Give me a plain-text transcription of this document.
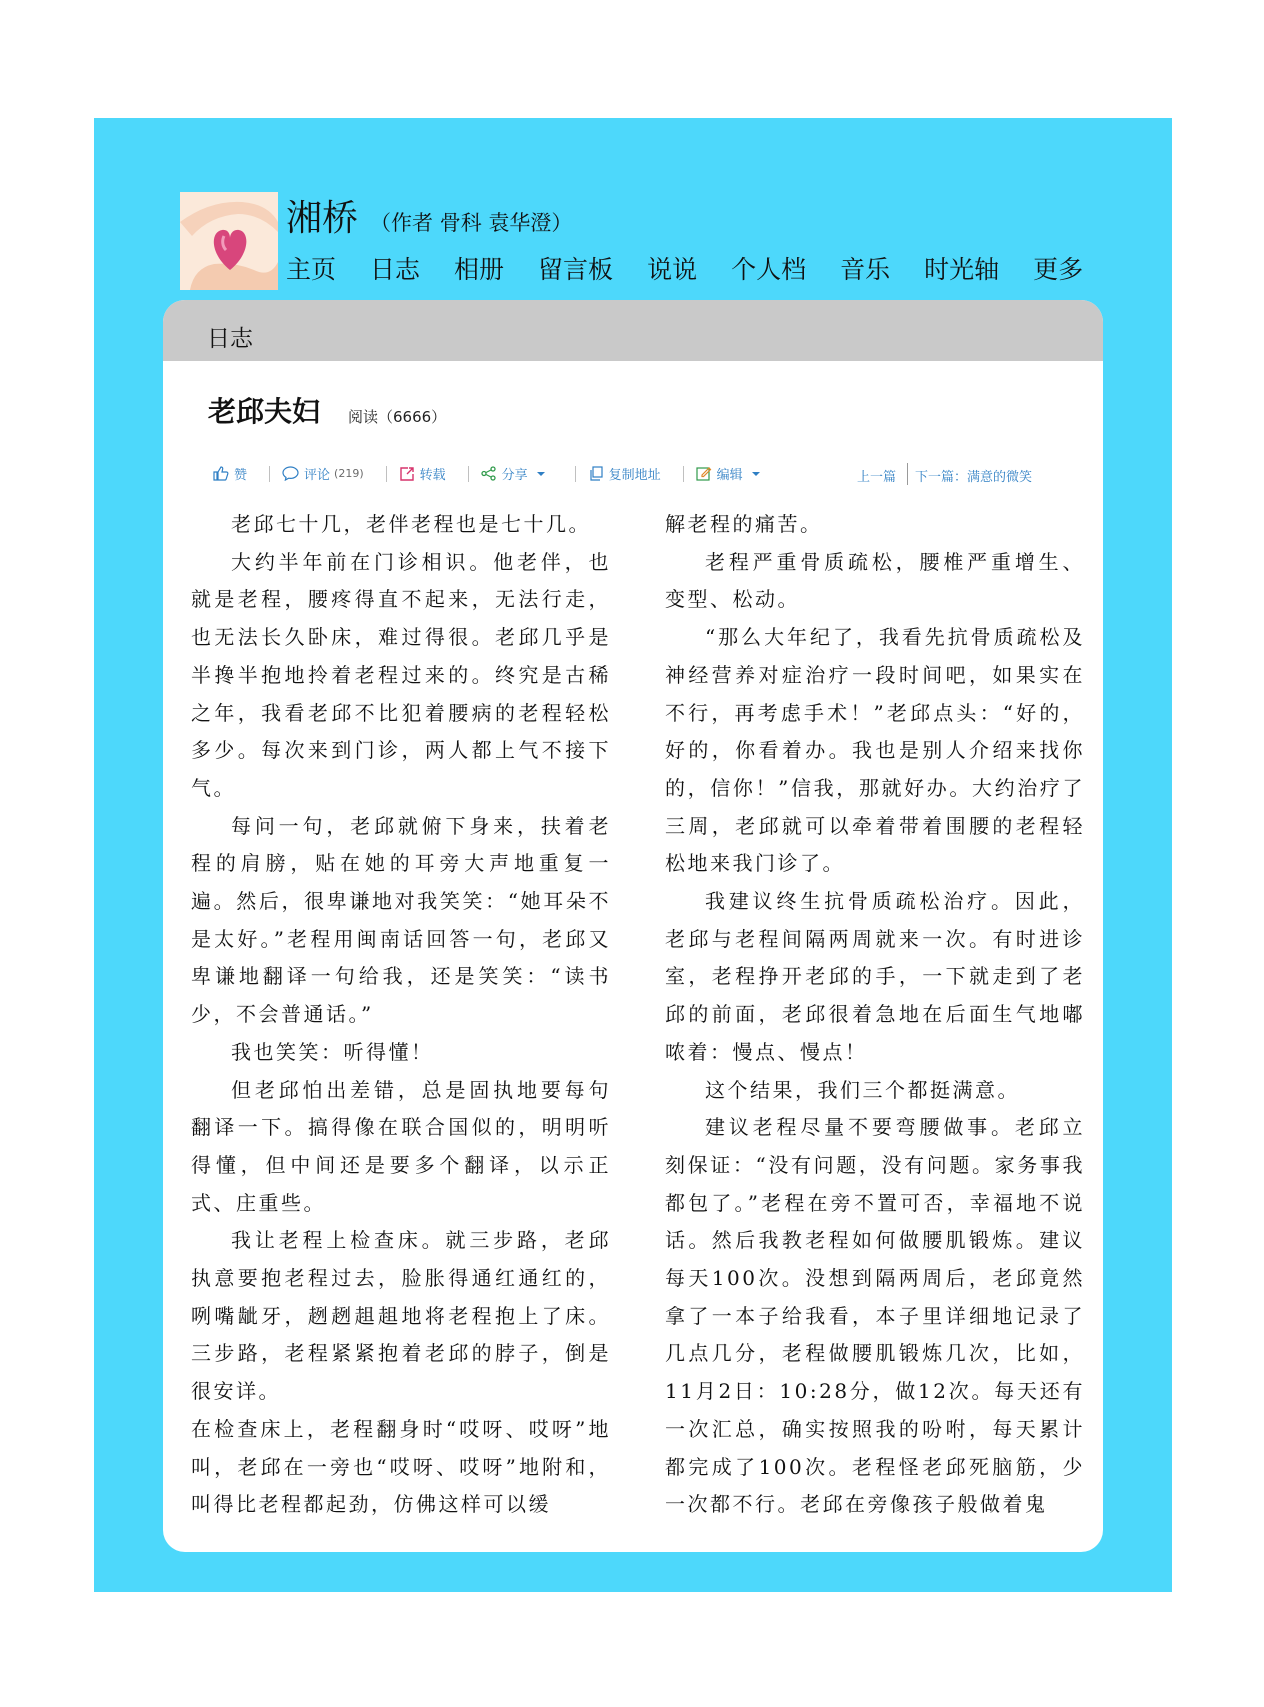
湘桥 （作者 骨科 袁华澄）
主页 日志 相册 留言板 说说 个人档 音乐 时光轴 更多
日志
老邱夫妇 阅读（6666）
赞	评论 (219)	转载	分享	复制地址	编辑	上一篇 下一篇：满意的微笑

老邱七十几，老伴老程也是七十几。

大约半年前在门诊相识。他老伴，也就是老程，腰疼得直不起来，无法行走，也无法长久卧床，难过得很。老邱几乎是半搀半抱地拎着老程过来的。终究是古稀之年，我看老邱不比犯着腰病的老程轻松多少。每次来到门诊，两人都上气不接下气。

每问一句，老邱就俯下身来，扶着老程的肩膀，贴在她的耳旁大声地重复一遍。然后，很卑谦地对我笑笑：“她耳朵不是太好。”老程用闽南话回答一句，老邱又卑谦地翻译一句给我，还是笑笑：“读书少，不会普通话。”

我也笑笑：听得懂！

但老邱怕出差错，总是固执地要每句翻译一下。搞得像在联合国似的，明明听得懂，但中间还是要多个翻译，以示正式、庄重些。

我让老程上检查床。就三步路，老邱执意要抱老程过去，脸胀得通红通红的，咧嘴龇牙，趔趔趄趄地将老程抱上了床。三步路，老程紧紧抱着老邱的脖子，倒是很安详。

在检查床上，老程翻身时“哎呀、哎呀”地叫，老邱在一旁也“哎呀、哎呀”地附和，叫得比老程都起劲，仿佛这样可以缓

解老程的痛苦。

老程严重骨质疏松，腰椎严重增生、变型、松动。

“那么大年纪了，我看先抗骨质疏松及神经营养对症治疗一段时间吧，如果实在不行，再考虑手术！”老邱点头：“好的，好的，你看着办。我也是别人介绍来找你的，信你！”信我，那就好办。大约治疗了三周，老邱就可以牵着带着围腰的老程轻松地来我门诊了。

我建议终生抗骨质疏松治疗。因此，老邱与老程间隔两周就来一次。有时进诊室，老程挣开老邱的手，一下就走到了老邱的前面，老邱很着急地在后面生气地嘟哝着：慢点、慢点！

这个结果，我们三个都挺满意。

建议老程尽量不要弯腰做事。老邱立刻保证：“没有问题，没有问题。家务事我都包了。”老程在旁不置可否，幸福地不说话。然后我教老程如何做腰肌锻炼。建议每天100次。没想到隔两周后，老邱竟然拿了一本子给我看，本子里详细地记录了几点几分，老程做腰肌锻炼几次，比如，11月2日：10:28分，做12次。每天还有一次汇总，确实按照我的吩咐，每天累计都完成了100次。老程怪老邱死脑筋，少一次都不行。老邱在旁像孩子般做着鬼
